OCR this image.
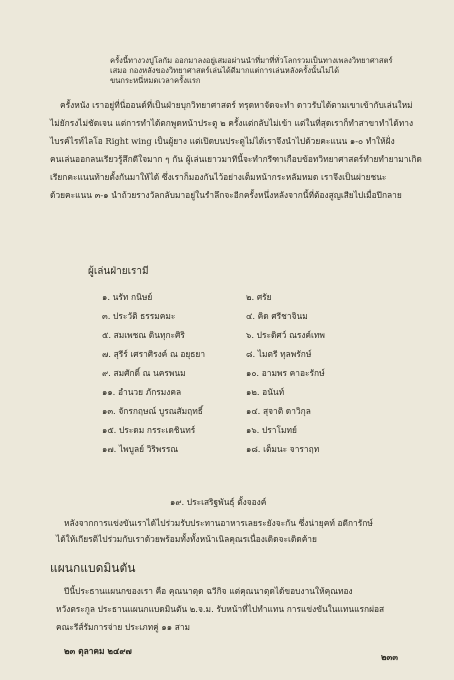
ครั้งนี้ทางวงปูโลกัม ออกมาลงอยู่เสมอผ่านนำที่มาที่ทั่วโลกรวมเป็นทางเพลงวิทยาศาสตร์
เสมอ กองหลังของวิทยาศาสตร์เล่นได้ดีมากแต่การเล่นหลังครั้งนั้นไม่ได้
ขนกระหนี่หมดเวลาครั้งแรก
ครั้งหนัง เราอยู่ที่นี่ออนด์ที่เป็นฝ่ายบุกวิทยาศาสตร์ ทรุดหาจัดจะทำ ดาวรับได้ตามเขาเข้ากับเล่นใหม่
ไม่ยักรงไม่ชัดเจน แต่การทำได้ตกพูดหน้าประตู ๒ ครั้งแต่กลับไม่เข้า แต่ในที่สุดเราก็ทำสาขาทำได้ทาง
ไบรค์ไรท์ไลโอ Right wing เป็นผู้ยาง แต่เปิดบนประตูไม่ได้เราจึงนำไปด้วยคะแนน ๑-๐ ทำให้ฝั่ง
คนเล่นออกลนเรียวรู้สึกดีใจมาก ๆ กัน ผู้เล่นเยาวมาทีนี้จะทำกรีฑาเกือบข้อทวิทยาศาสตร์ทำยทำยามาเกิด
เรียกคะแนนท้ายตั้งกันมาให้ได้ ซึ่งเราก็มองกันไว้อย่างเต็มหน้ากระหลัมหมด เราจึงเป็นผ่ายชนะ
ด้วยคะแนน ๓-๑ นำถ้วยรางวัลกลับมาอยู่ในรำลึกจะอีกครั้งหนึ่งหลังจากนี้ที่ต้องสูญเสียไปเมื่อปีกลาย
ผู้เล่นฝ่ายเรามี
๑. นรัท กนิษย์	๒. ศรัย
๓. ประวัติ ธรรมคมะ	๔. คิด ศรีชาจินม
๕. สมเพชณ ดินทุกะศิริ	๖. ประดิศว์ ณรงค์เทพ
๗. สุรีร์ เศราศิรงค์ ณ อยุธยา	๘. ไมตรี ทุลพรักษ์
๙. สมศักดิ์ ณ นครพนม	๑๐. อามพร คาอะรักษ์
๑๑. อำนวย ภักรมงคล	๑๒. อนันท์
๑๓. จักรกฤษณ์ บูรณสัมฤทธิ์	๑๔. สุจาติ ดาวิกุล
๑๕. ประดม กรระเดชินทร์	๑๖. ปราโมทย์
๑๗. ไพบูลย์ วิริพรรณ	๑๘. เต็มนะ จาราฤท
๑๙. ประเสริฐพันธุ์ ตั้งจองค์
หลังจากการแข่งขันเราได้ไปร่วมรับประทานอาหารเลยระยังจะกัน ซึ่งน่ายุคท์ อดีการักษ์
ได้ให้เกียรติไปร่วมกับเราด้วยพร้อมทั้งทั้งหน้าเนิลคุณรเนื่องเดิดจะเดิดค้าย
แผนกแบดมินตัน
ปีนี้ประธานแผนกของเรา คือ คุณนาตุด ฉวีกิจ แต่คุณนาตุดได้ขอบงานให้คุณทอง
หวังตระกูล ประธานแผนกแบดมินตัน ๒.จ.ม. รับหน้าที่ไปทำแทน การแข่งขันในแทนแรกผ่อส
คณะรีส์รัมการจ่าย ประเภทคู่ ๑๑ สาม
๒๓ ตุลาคม ๒๔๙๗
๒๓๓
